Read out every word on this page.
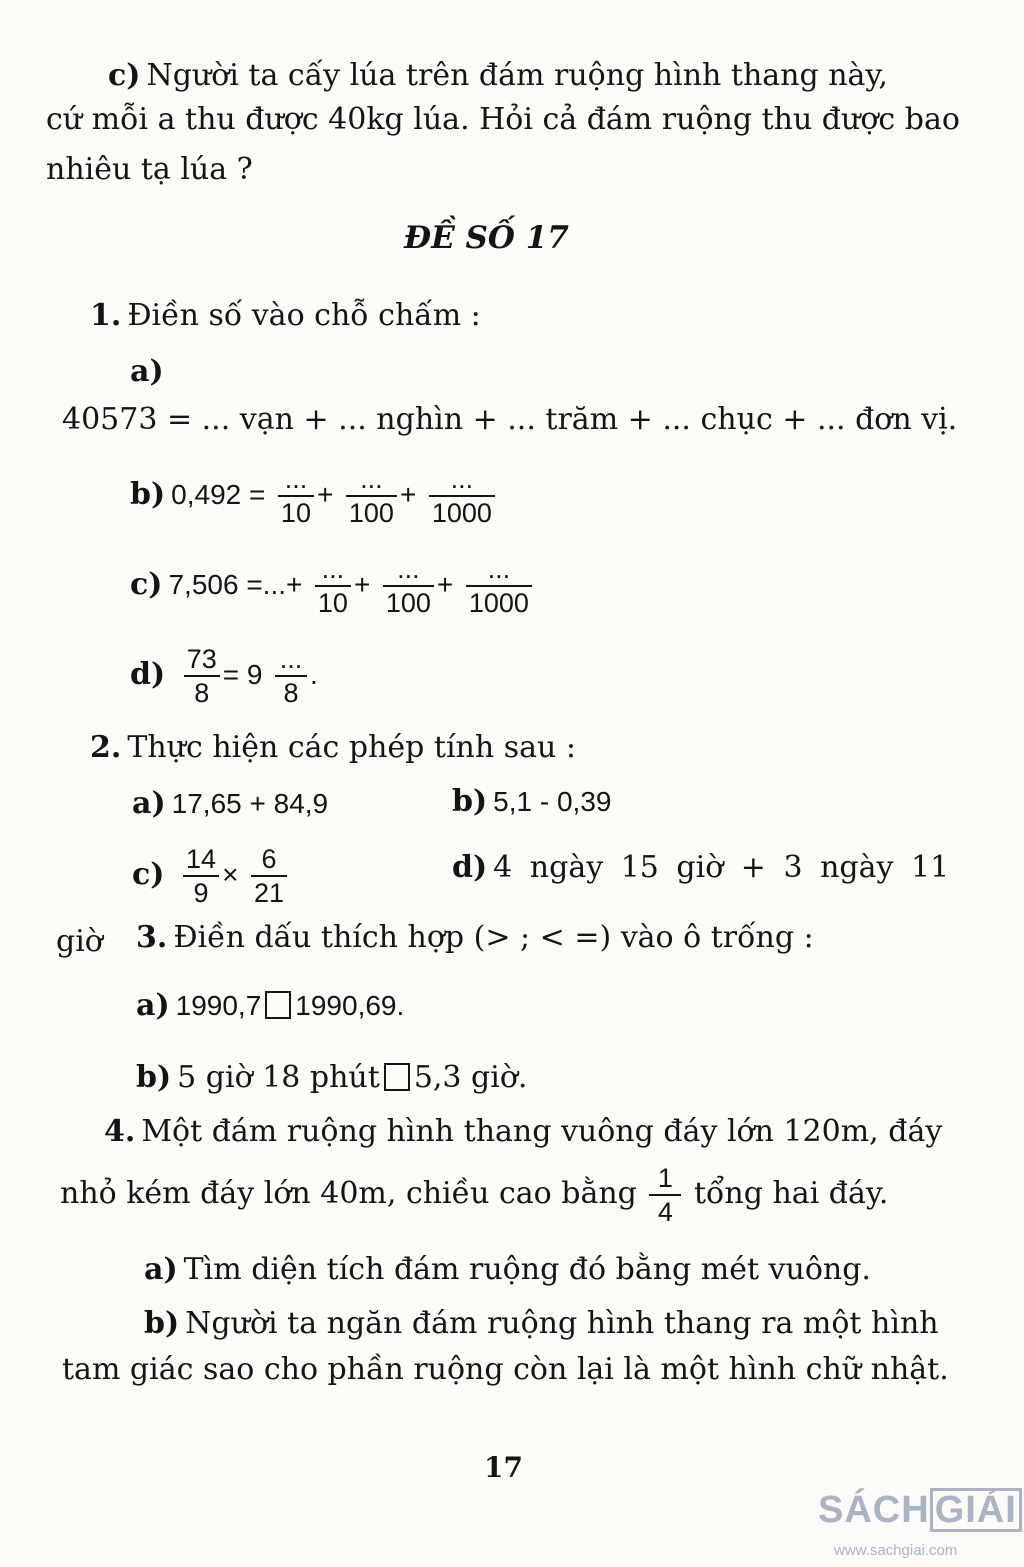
c) Người ta cấy lúa trên đám ruộng hình thang này,
cứ mỗi a thu được 40kg lúa. Hỏi cả đám ruộng thu được bao
nhiêu tạ lúa ?
ĐỀ SỐ 17
1. Điền số vào chỗ chấm :
a)
40573 = ... vạn + ... nghìn + ... trăm + ... chục + ... đơn vị.
b) $0,492 = \frac{...}{10} + \frac{...}{100} + \frac{...}{1000}$
c) 7,506 =...+ $\frac{...}{10} + \frac{...}{100} + \frac{...}{1000}$
$d) \frac{73}{8} = 9 \frac{...}{8}$ .
2. Thực hiện các phép tính sau :
a) 17,65 + 84,9	b) 5,1 - 0,39
$c) \frac{14}{9} \times \frac{6}{21}$	d) 4 ngày 15 giờ + 3 ngày 11
giờ 3. Điền dấu thích hợp (> ; < =) vào ô trống :
a) 1990,7 1990,69.
b) 5 giờ 18 phút 5,3 giờ.
4. Một đám ruộng hình thang vuông đáy lớn 120m, đáy
nhỏ kém đáy lớn 40m, chiều cao bằng $\frac{1}{4}$ tổng hai đáy.
a) Tìm diện tích đám ruộng đó bằng mét vuông.
b) Người ta ngăn đám ruộng hình thang ra một hình
tam giác sao cho phần ruộng còn lại là một hình chữ nhật.
17
SÁCH GIẢI
www.sachgiai.com
